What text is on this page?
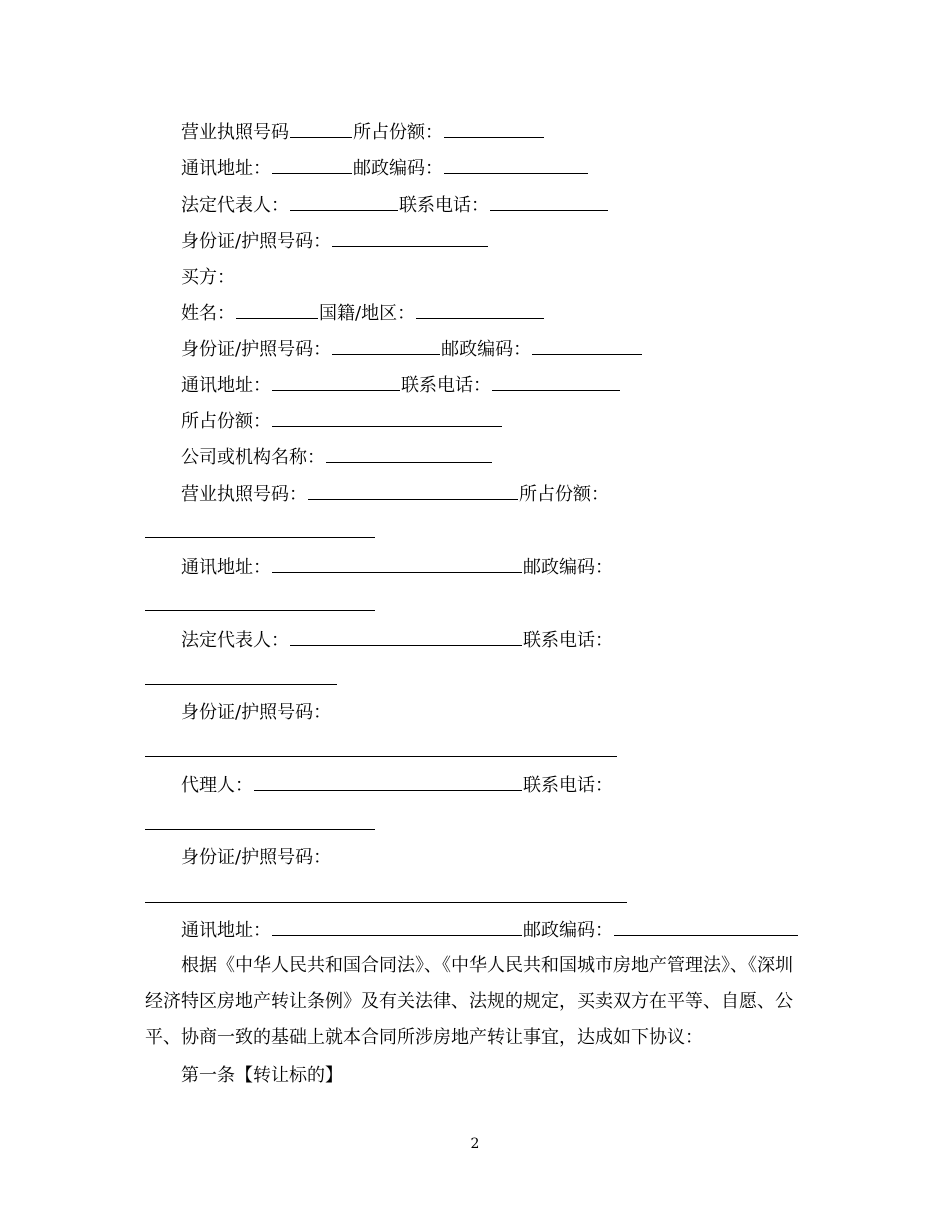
营业执照号码	所占份额：
通讯地址：	邮政编码：
法定代表人：	联系电话：
身份证/护照号码：
买方：
姓名：	国籍/地区：
身份证/护照号码：	邮政编码：
通讯地址：	联系电话：
所占份额：
公司或机构名称：
营业执照号码：	所占份额：
通讯地址：	邮政编码：
法定代表人：	联系电话：
身份证/护照号码：
代理人：	联系电话：
身份证/护照号码：
通讯地址：	邮政编码：
根据《中华人民共和国合同法》、《中华人民共和国城市房地产管理法》、《深圳经济特区房地产转让条例》及有关法律、法规的规定，买卖双方在平等、自愿、公平、协商一致的基础上就本合同所涉房地产转让事宜，达成如下协议：
第一条【转让标的】
2
